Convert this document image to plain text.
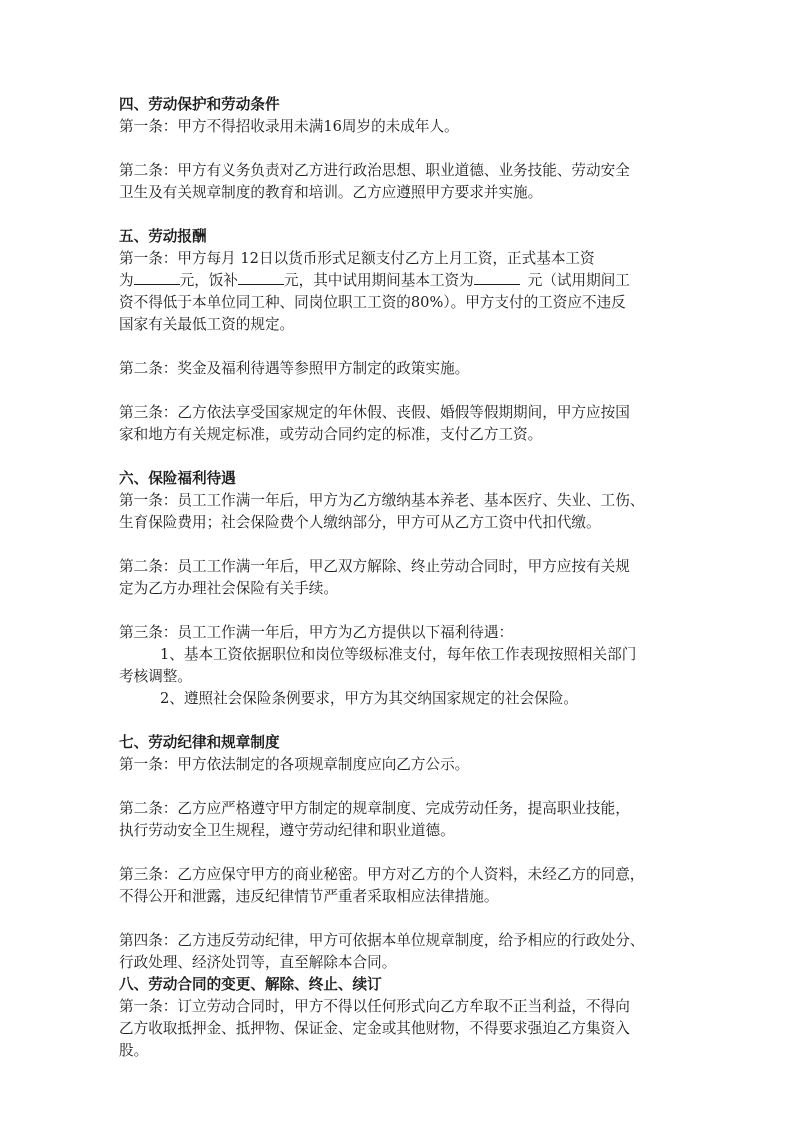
四、劳动保护和劳动条件
第一条：甲方不得招收录用未满16周岁的未成年人。
第二条：甲方有义务负责对乙方进行政治思想、职业道德、业务技能、劳动安全
卫生及有关规章制度的教育和培训。乙方应遵照甲方要求并实施。
五、劳动报酬
第一条：甲方每月 12日以货币形式足额支付乙方上月工资，正式基本工资
为	元，饭补	元，其中试用期间基本工资为	元（试用期间工
资不得低于本单位同工种、同岗位职工工资的80%）。甲方支付的工资应不违反
国家有关最低工资的规定。
第二条：奖金及福利待遇等参照甲方制定的政策实施。
第三条：乙方依法享受国家规定的年休假、丧假、婚假等假期期间，甲方应按国
家和地方有关规定标准，或劳动合同约定的标准，支付乙方工资。
六、保险福利待遇
第一条：员工工作满一年后，甲方为乙方缴纳基本养老、基本医疗、失业、工伤、
生育保险费用；社会保险费个人缴纳部分，甲方可从乙方工资中代扣代缴。
第二条：员工工作满一年后，甲乙双方解除、终止劳动合同时，甲方应按有关规
定为乙方办理社会保险有关手续。
第三条：员工工作满一年后，甲方为乙方提供以下福利待遇：
1、基本工资依据职位和岗位等级标准支付，每年依工作表现按照相关部门
考核调整。
2、遵照社会保险条例要求，甲方为其交纳国家规定的社会保险。
七、劳动纪律和规章制度
第一条：甲方依法制定的各项规章制度应向乙方公示。
第二条：乙方应严格遵守甲方制定的规章制度、完成劳动任务，提高职业技能，
执行劳动安全卫生规程，遵守劳动纪律和职业道德。
第三条：乙方应保守甲方的商业秘密。甲方对乙方的个人资料，未经乙方的同意，
不得公开和泄露，违反纪律情节严重者采取相应法律措施。
第四条：乙方违反劳动纪律，甲方可依据本单位规章制度，给予相应的行政处分、
行政处理、经济处罚等，直至解除本合同。
八、劳动合同的变更、解除、终止、续订
第一条：订立劳动合同时，甲方不得以任何形式向乙方牟取不正当利益，不得向
乙方收取抵押金、抵押物、保证金、定金或其他财物，不得要求强迫乙方集资入
股。
